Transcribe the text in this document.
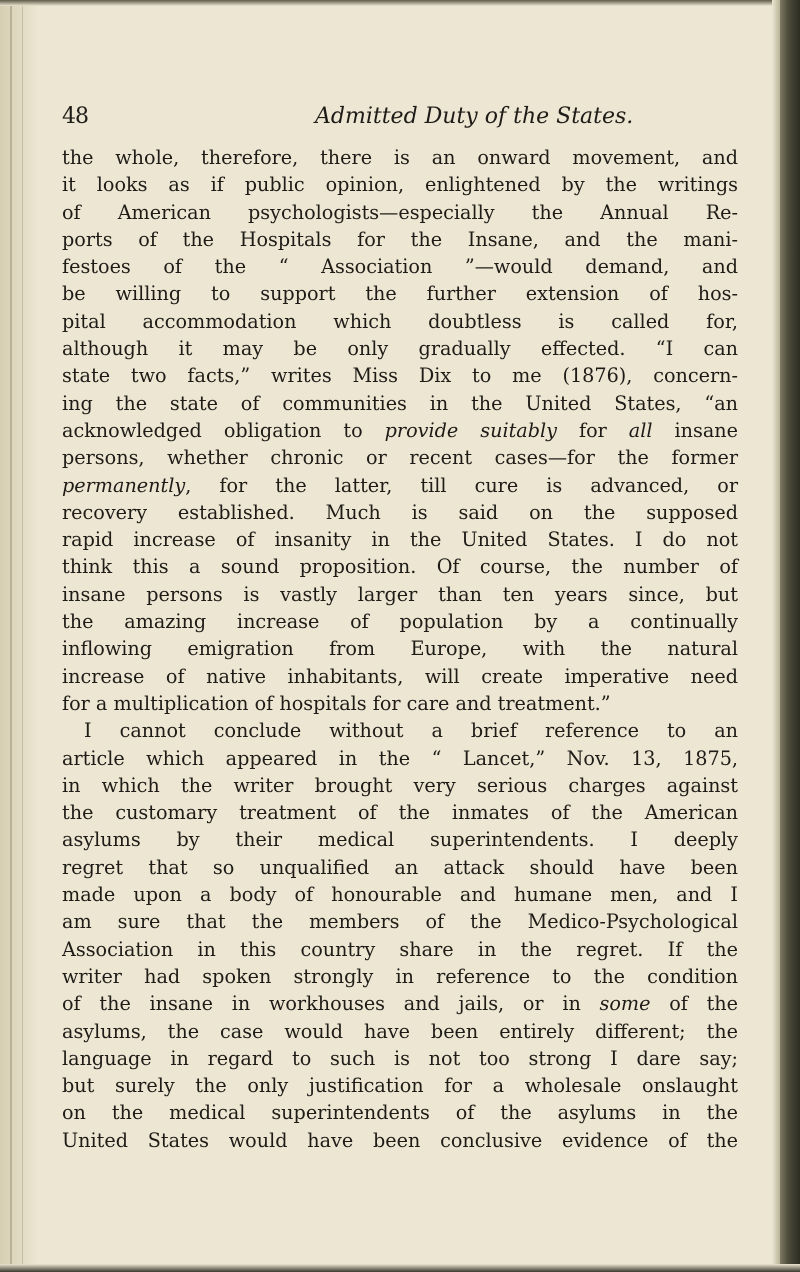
48	Admitted Duty of the States.
the whole, therefore, there is an onward movement, and
it looks as if public opinion, enlightened by the writings
of American psychologists—especially the Annual Re-
ports of the Hospitals for the Insane, and the mani-
festoes of the “ Association ”—would demand, and
be willing to support the further extension of hos-
pital accommodation which doubtless is called for,
although it may be only gradually effected. “I can
state two facts,” writes Miss Dix to me (1876), concern-
ing the state of communities in the United States, “an
acknowledged obligation to provide suitably for all insane
persons, whether chronic or recent cases—for the former
permanently, for the latter, till cure is advanced, or
recovery established. Much is said on the supposed
rapid increase of insanity in the United States. I do not
think this a sound proposition. Of course, the number of
insane persons is vastly larger than ten years since, but
the amazing increase of population by a continually
inflowing emigration from Europe, with the natural
increase of native inhabitants, will create imperative need
for a multiplication of hospitals for care and treatment.”
I cannot conclude without a brief reference to an
article which appeared in the “ Lancet,” Nov. 13, 1875,
in which the writer brought very serious charges against
the customary treatment of the inmates of the American
asylums by their medical superintendents. I deeply
regret that so unqualified an attack should have been
made upon a body of honourable and humane men, and I
am sure that the members of the Medico-Psychological
Association in this country share in the regret. If the
writer had spoken strongly in reference to the condition
of the insane in workhouses and jails, or in some of the
asylums, the case would have been entirely different; the
language in regard to such is not too strong I dare say;
but surely the only justification for a wholesale onslaught
on the medical superintendents of the asylums in the
United States would have been conclusive evidence of the
